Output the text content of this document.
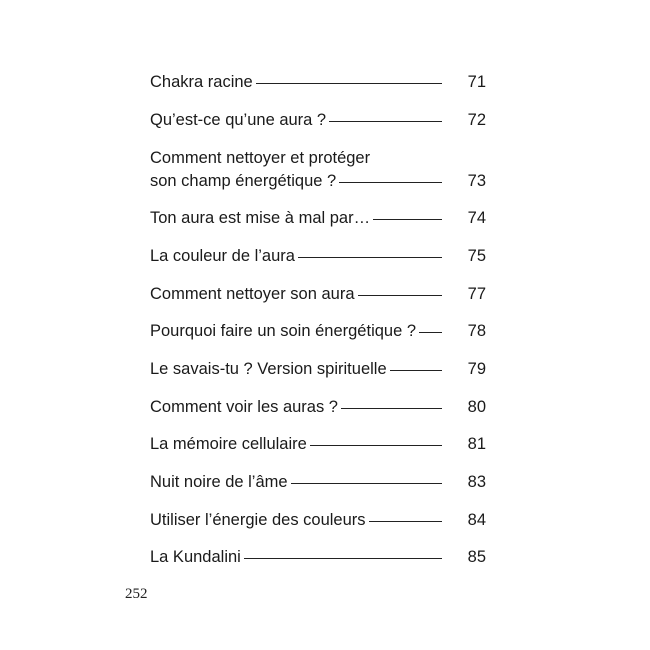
Chakra racine	71
Qu’est-ce qu’une aura ?	72
Comment nettoyer et protéger
son champ énergétique ?	73
Ton aura est mise à mal par…	74
La couleur de l’aura	75
Comment nettoyer son aura	77
Pourquoi faire un soin énergétique ?	78
Le savais-tu ? Version spirituelle	79
Comment voir les auras ?	80
La mémoire cellulaire	81
Nuit noire de l’âme	83
Utiliser l’énergie des couleurs	84
La Kundalini	85
252
